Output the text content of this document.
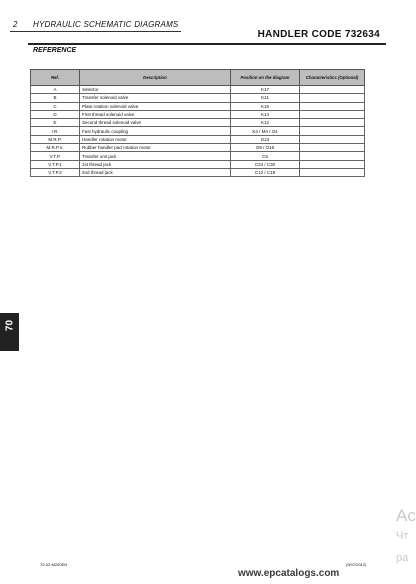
2 HYDRAULIC SCHEMATIC DIAGRAMS
HANDLER CODE 732634
REFERENCE
Ref.	Description	Position on the diagram	Characteristics (Optional)
A	Selector	K17	
B	Transfer solenoid valve	K11	
C	Plate rotation solenoid valve	K15	
D	First thread solenoid valve	K14	
E	Second thread solenoid valve	K12	
I.R.	Fast hydraulic coupling	K4 / M4 / O4	
M.R.P.	Handler rotation motor	G24	
M.R.P.n.	Rubber handler pad rotation motor	O9 / O16	
V.T.P.	Transfer unit jack	C5	
V.T.P.1	1st thread jack	C24 / C30	
V.T.P.2	2nd thread jack	C12 / C18	
70
70-02-M200EN	(9/07/2012)
www.epcatalogs.com
Ac
Чт
ра
